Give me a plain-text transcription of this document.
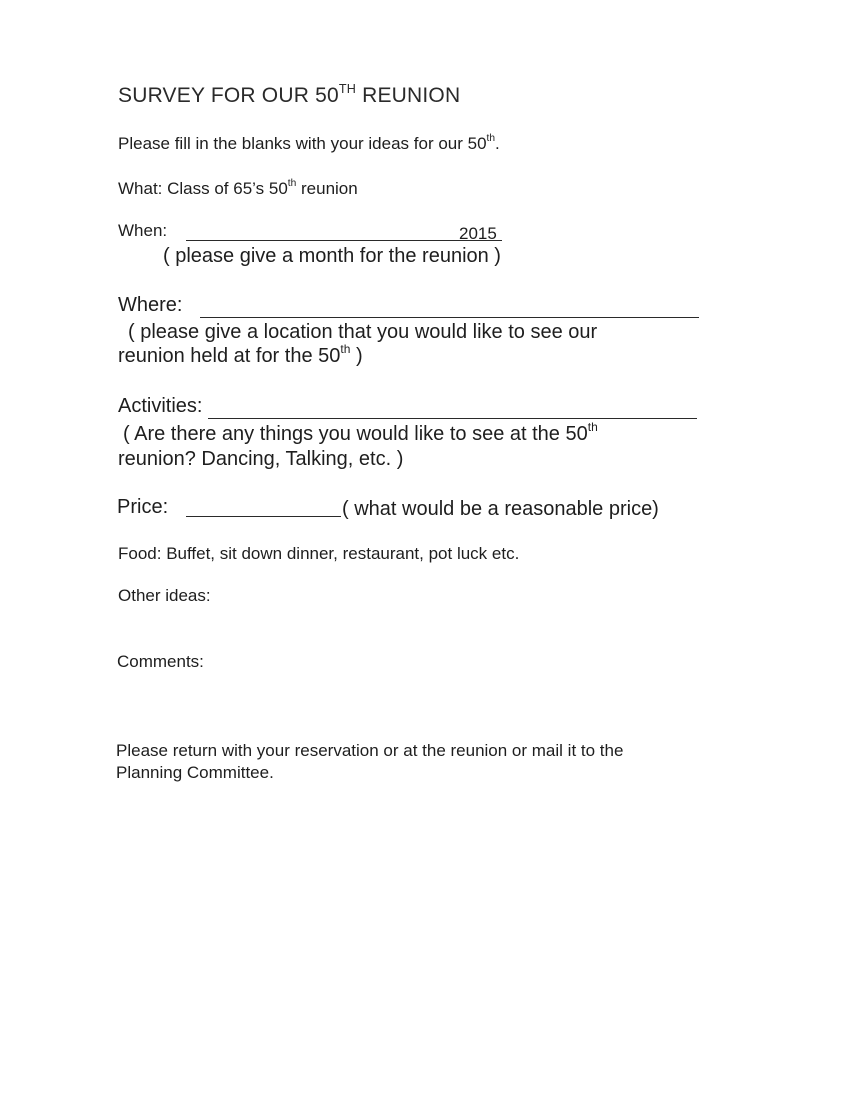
SURVEY FOR OUR 50TH REUNION
Please fill in the blanks with your ideas for our 50th.
What: Class of 65’s 50th reunion
When:	2015
( please give a month for the reunion )
Where:
( please give a location that you would like to see our
reunion held at for the 50th )
Activities:
( Are there any things you would like to see at the 50th
reunion? Dancing, Talking, etc. )
Price:	( what would be a reasonable price)
Food: Buffet, sit down dinner, restaurant, pot luck etc.
Other ideas:
Comments:
Please return with your reservation or at the reunion or mail it to the
Planning Committee.
